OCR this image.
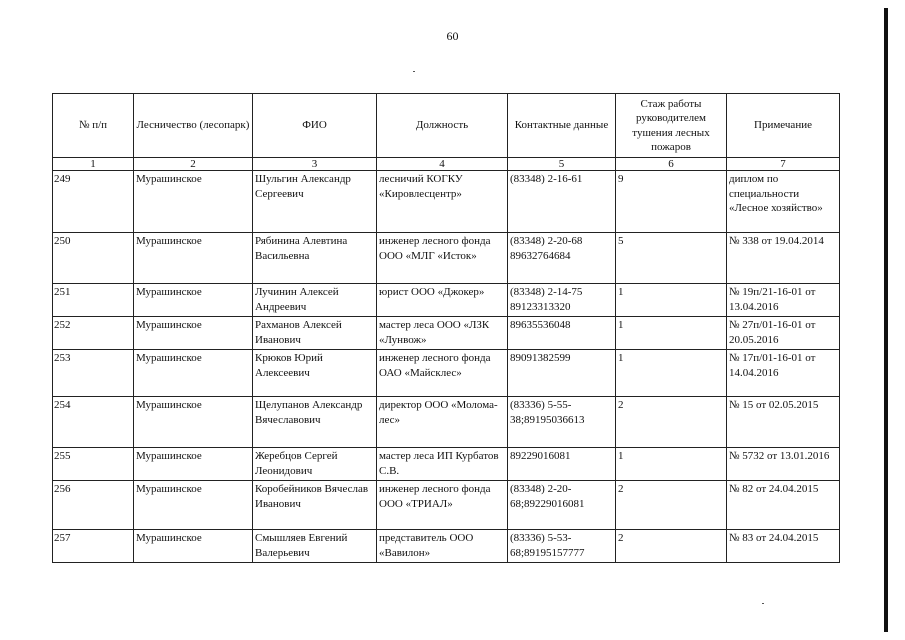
60
№ п/п	Лесничество (лесопарк)	ФИО	Должность	Контактные данные	Стаж работы руководителем тушения лесных пожаров	Примечание
1	2	3	4	5	6	7
249	Мурашинское	Шульгин Александр Сергеевич	лесничий КОГКУ «Кировлесцентр»	(83348) 2-16-61	9	диплом по специальности «Лесное хозяйство»
250	Мурашинское	Рябинина Алевтина Васильевна	инженер лесного фонда ООО «МЛГ «Исток»	(83348) 2-20-68 89632764684	5	№ 338 от 19.04.2014
251	Мурашинское	Лучинин Алексей Андреевич	юрист ООО «Джокер»	(83348) 2-14-75 89123313320	1	№ 19п/21-16-01 от 13.04.2016
252	Мурашинское	Рахманов Алексей Иванович	мастер леса ООО «ЛЗК «Лунвож»	89635536048	1	№ 27п/01-16-01 от 20.05.2016
253	Мурашинское	Крюков Юрий Алексеевич	инженер лесного фонда ОАО «Майсклес»	89091382599	1	№ 17п/01-16-01 от 14.04.2016
254	Мурашинское	Щелупанов Александр Вячеславович	директор ООО «Молома-лес»	(83336) 5-55-38;89195036613	2	№ 15 от 02.05.2015
255	Мурашинское	Жеребцов Сергей Леонидович	мастер леса ИП Курбатов С.В.	89229016081	1	№ 5732 от 13.01.2016
256	Мурашинское	Коробейников Вячеслав Иванович	инженер лесного фонда ООО «ТРИАЛ»	(83348) 2-20-68;89229016081	2	№ 82 от 24.04.2015
257	Мурашинское	Смышляев Евгений Валерьевич	представитель ООО «Вавилон»	(83336) 5-53-68;89195157777	2	№ 83 от 24.04.2015
